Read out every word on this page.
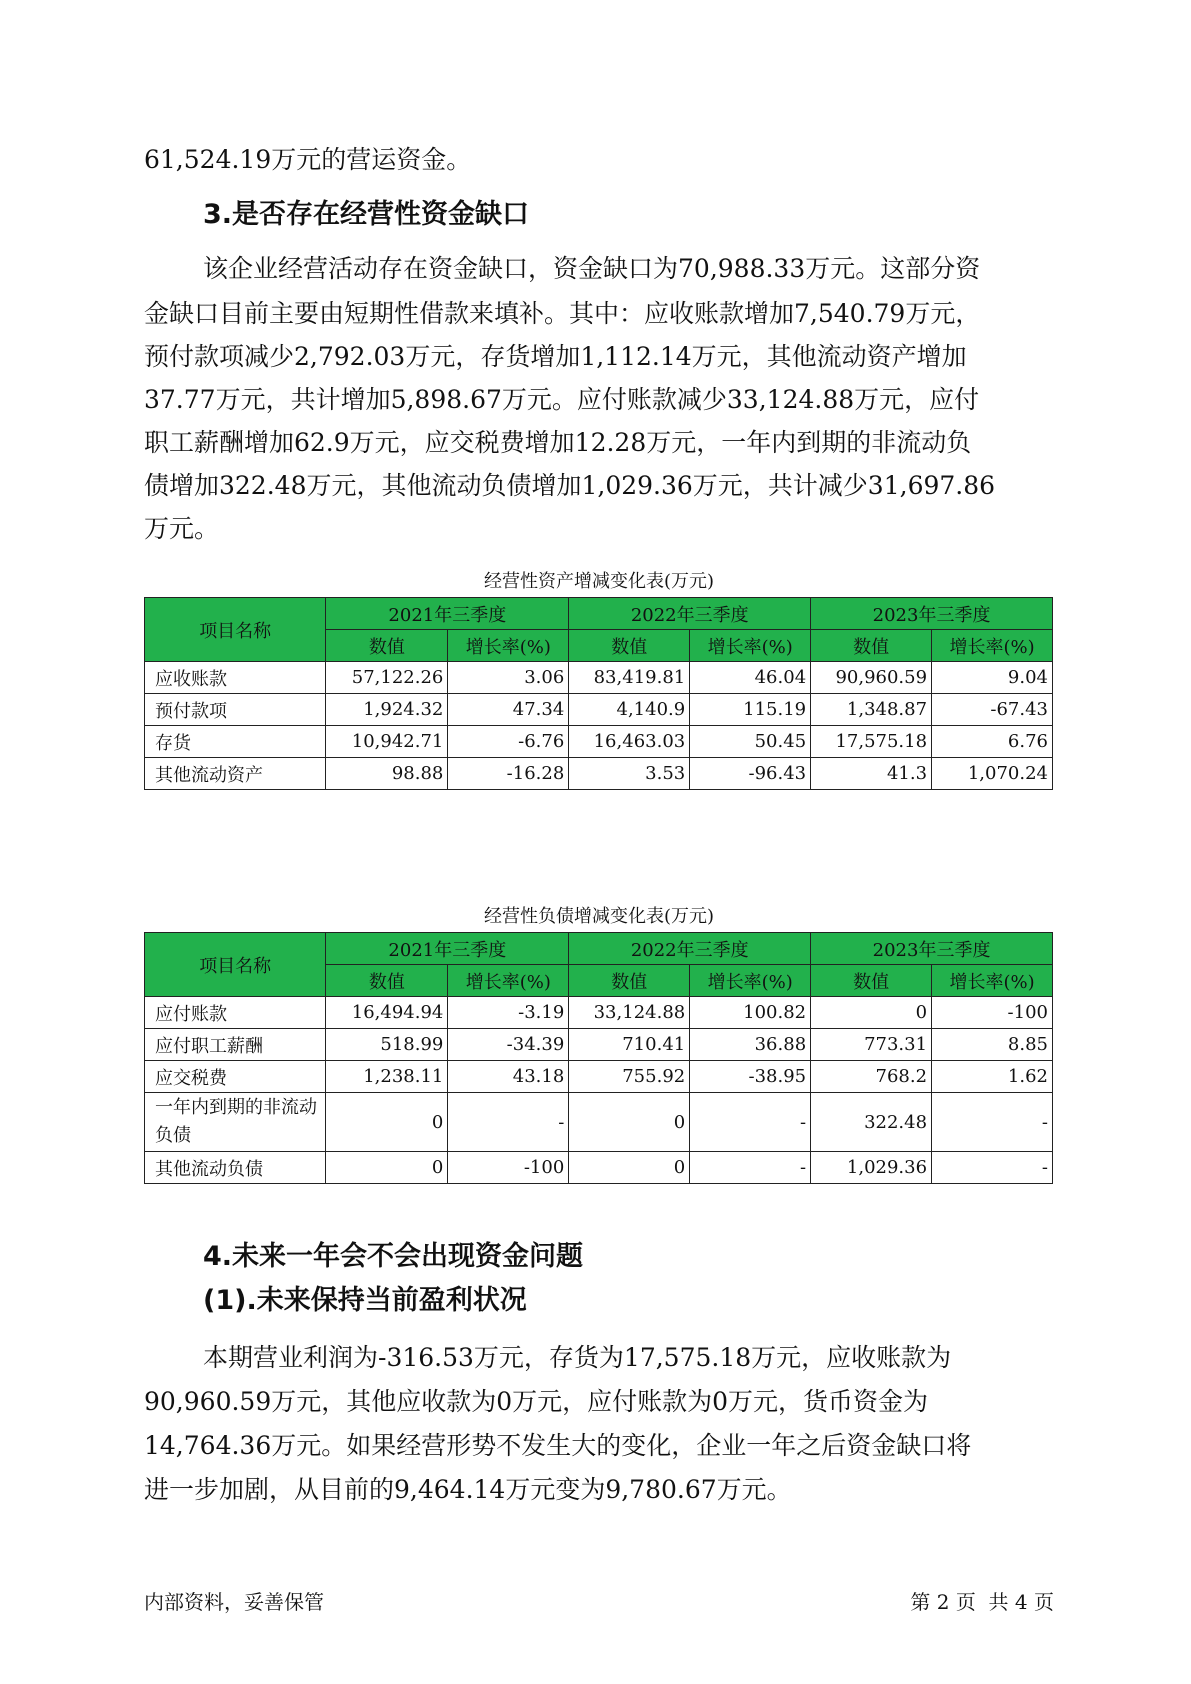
61,524.19万元的营运资金。
3.是否存在经营性资金缺口
该企业经营活动存在资金缺口，资金缺口为70,988.33万元。这部分资
金缺口目前主要由短期性借款来填补。其中：应收账款增加7,540.79万元，
预付款项减少2,792.03万元，存货增加1,112.14万元，其他流动资产增加
37.77万元，共计增加5,898.67万元。应付账款减少33,124.88万元，应付
职工薪酬增加62.9万元，应交税费增加12.28万元，一年内到期的非流动负
债增加322.48万元，其他流动负债增加1,029.36万元，共计减少31,697.86
万元。
经营性资产增减变化表(万元)
项目名称	2021年三季度		2022年三季度		2023年三季度	
	数值	增长率(%)	数值	增长率(%)	数值	增长率(%)
应收账款	57,122.26	3.06	83,419.81	46.04	90,960.59	9.04
预付款项	1,924.32	47.34	4,140.9	115.19	1,348.87	-67.43
存货	10,942.71	-6.76	16,463.03	50.45	17,575.18	6.76
其他流动资产	98.88	-16.28	3.53	-96.43	41.3	1,070.24
经营性负债增减变化表(万元)
项目名称	2021年三季度		2022年三季度		2023年三季度	
	数值	增长率(%)	数值	增长率(%)	数值	增长率(%)
应付账款	16,494.94	-3.19	33,124.88	100.82	0	-100
应付职工薪酬	518.99	-34.39	710.41	36.88	773.31	8.85
应交税费	1,238.11	43.18	755.92	-38.95	768.2	1.62
一年内到期的非流动负债	0	-	0	-	322.48	-
其他流动负债	0	-100	0	-	1,029.36	-
4.未来一年会不会出现资金问题
(1).未来保持当前盈利状况
本期营业利润为-316.53万元，存货为17,575.18万元，应收账款为
90,960.59万元，其他应收款为0万元，应付账款为0万元，货币资金为
14,764.36万元。如果经营形势不发生大的变化，企业一年之后资金缺口将
进一步加剧，从目前的9,464.14万元变为9,780.67万元。
内部资料，妥善保管	第 2 页  共 4 页
